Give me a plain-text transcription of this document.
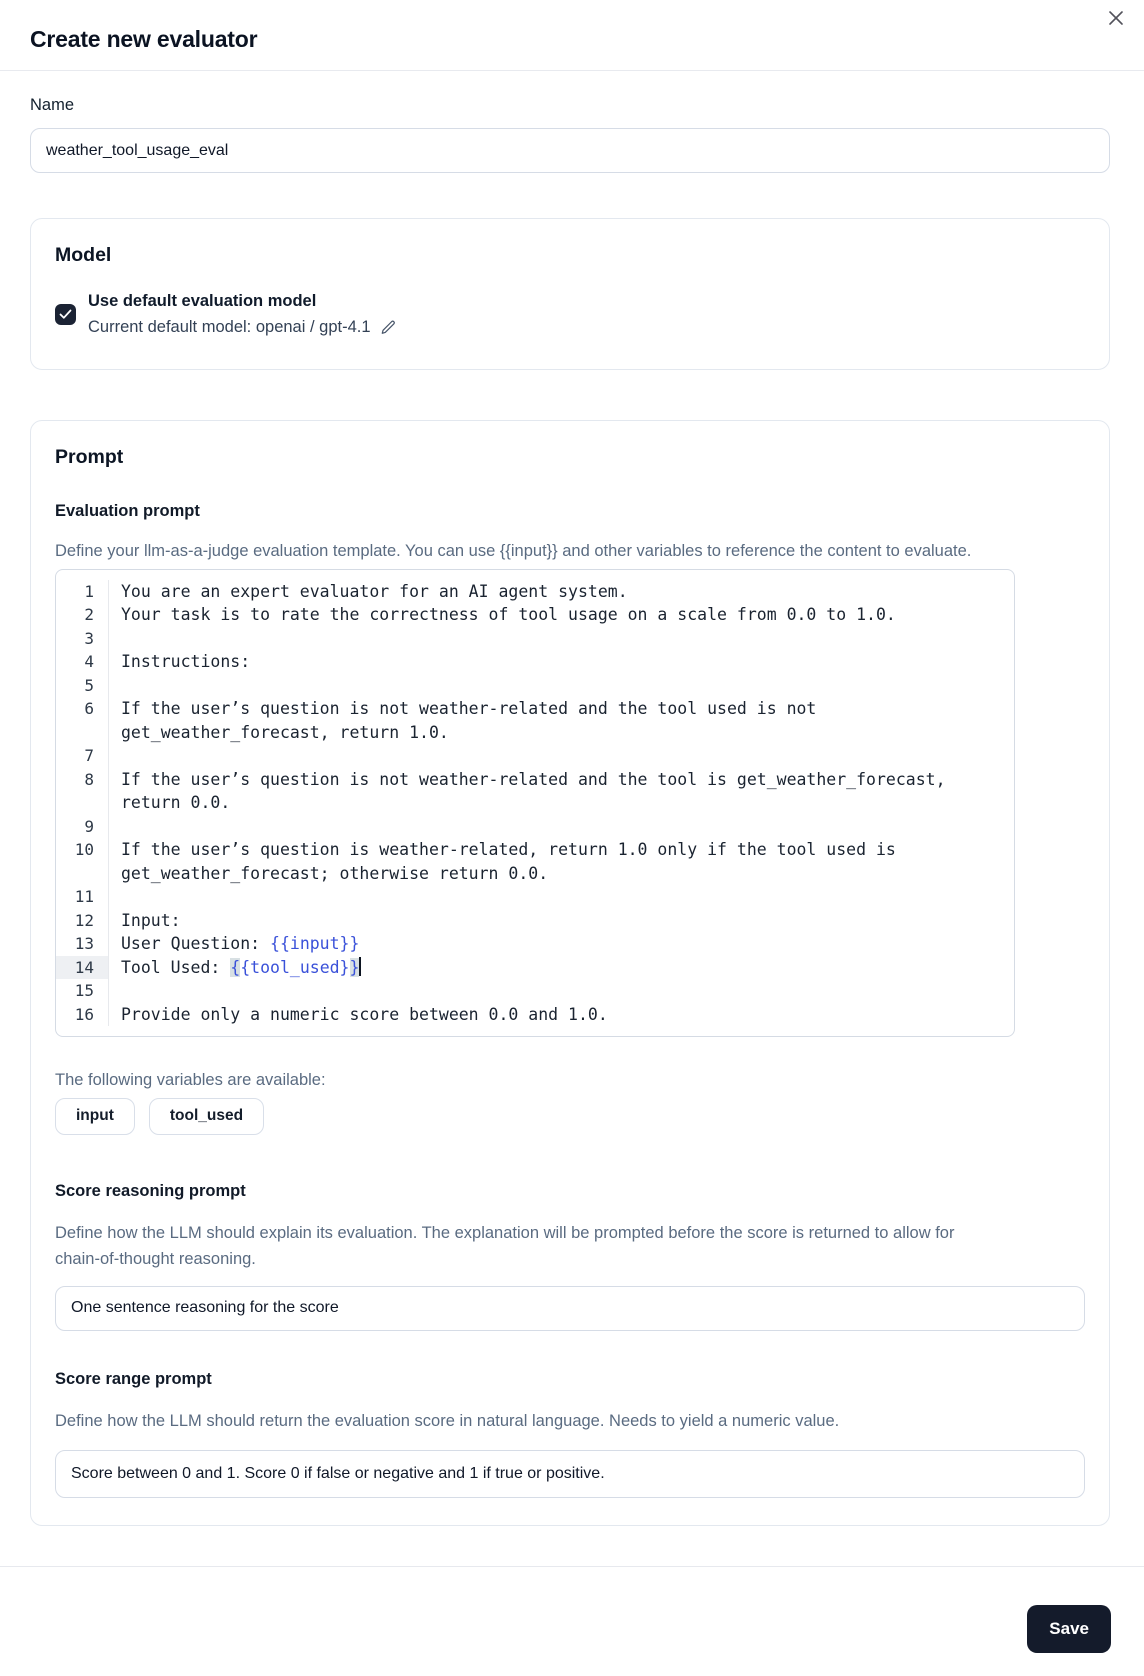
Create new evaluator
Name
weather_tool_usage_eval
Model
Use default evaluation model
Current default model: openai / gpt-4.1
Prompt
Evaluation prompt

Define your llm-as-a-judge evaluation template. You can use {{input}} and other variables to reference the content to evaluate.

1	You are an expert evaluator for an AI agent system.
2	Your task is to rate the correctness of tool usage on a scale from 0.0 to 1.0.
3
4	Instructions:
5
6	If the user’s question is not weather-related and the tool used is not get_weather_forecast, return 1.0.
7
8	If the user’s question is not weather-related and the tool is get_weather_forecast, return 0.0.
9
10	If the user’s question is weather-related, return 1.0 only if the tool used is get_weather_forecast; otherwise return 0.0.
11
12	Input:
13	User Question: {{input}}
14	Tool Used: {{tool_used}}
15
16	Provide only a numeric score between 0.0 and 1.0.

The following variables are available:

input	tool_used
Score reasoning prompt

Define how the LLM should explain its evaluation. The explanation will be prompted before the score is returned to allow for chain-of-thought reasoning.

One sentence reasoning for the score
Score range prompt

Define how the LLM should return the evaluation score in natural language. Needs to yield a numeric value.

Score between 0 and 1. Score 0 if false or negative and 1 if true or positive.
Save
